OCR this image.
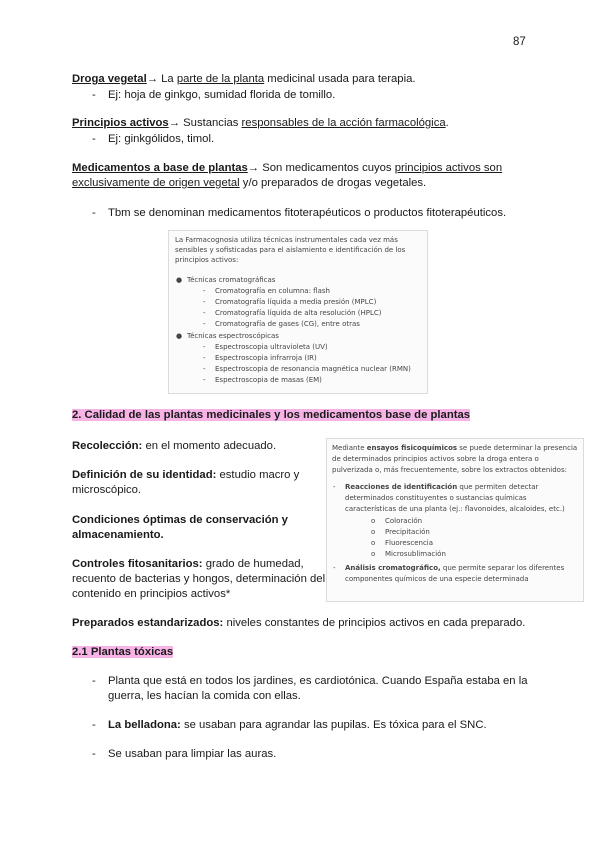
87
Droga vegetal→ La parte de la planta medicinal usada para terapia.
- Ej: hoja de ginkgo, sumidad florida de tomillo.
Principios activos→ Sustancias responsables de la acción farmacológica.
- Ej: ginkgólidos, timol.
Medicamentos a base de plantas→ Son medicamentos cuyos principios activos son
exclusivamente de origen vegetal y/o preparados de drogas vegetales.
- Tbm se denominan medicamentos fitoterapéuticos o productos fitoterapéuticos.
La Farmacognosia utiliza técnicas instrumentales cada vez más
sensibles y sofisticadas para el aislamiento e identificación de los
principios activos:
● Técnicas cromatográficas
- Cromatografía en columna: flash
- Cromatografía líquida a media presión (MPLC)
- Cromatografía líquida de alta resolución (HPLC)
- Cromatografía de gases (CG), entre otras
● Técnicas espectroscópicas
- Espectroscopia ultravioleta (UV)
- Espectroscopia infrarroja (IR)
- Espectroscopia de resonancia magnética nuclear (RMN)
- Espectroscopia de masas (EM)
2. Calidad de las plantas medicinales y los medicamentos base de plantas
Recolección: en el momento adecuado.
Definición de su identidad: estudio macro y
microscópico.
Condiciones óptimas de conservación y
almacenamiento.
Controles fitosanitarios: grado de humedad,
recuento de bacterias y hongos, determinación del
contenido en principios activos*
Mediante ensayos fisicoquímicos se puede determinar la presencia
de determinados principios activos sobre la droga entera o
pulverizada o, más frecuentemente, sobre los extractos obtenidos:
- Reacciones de identificación que permiten detectar
determinados constituyentes o sustancias químicas
características de una planta (ej.: flavonoides, alcaloides, etc.)
o Coloración
o Precipitación
o Fluorescencia
o Microsublimación
- Análisis cromatográfico, que permite separar los diferentes
componentes químicos de una especie determinada
Preparados estandarizados: niveles constantes de principios activos en cada preparado.
2.1 Plantas tóxicas
- Planta que está en todos los jardines, es cardiotónica. Cuando España estaba en la
guerra, les hacían la comida con ellas.
- La belladona: se usaban para agrandar las pupilas. Es tóxica para el SNC.
- Se usaban para limpiar las auras.
